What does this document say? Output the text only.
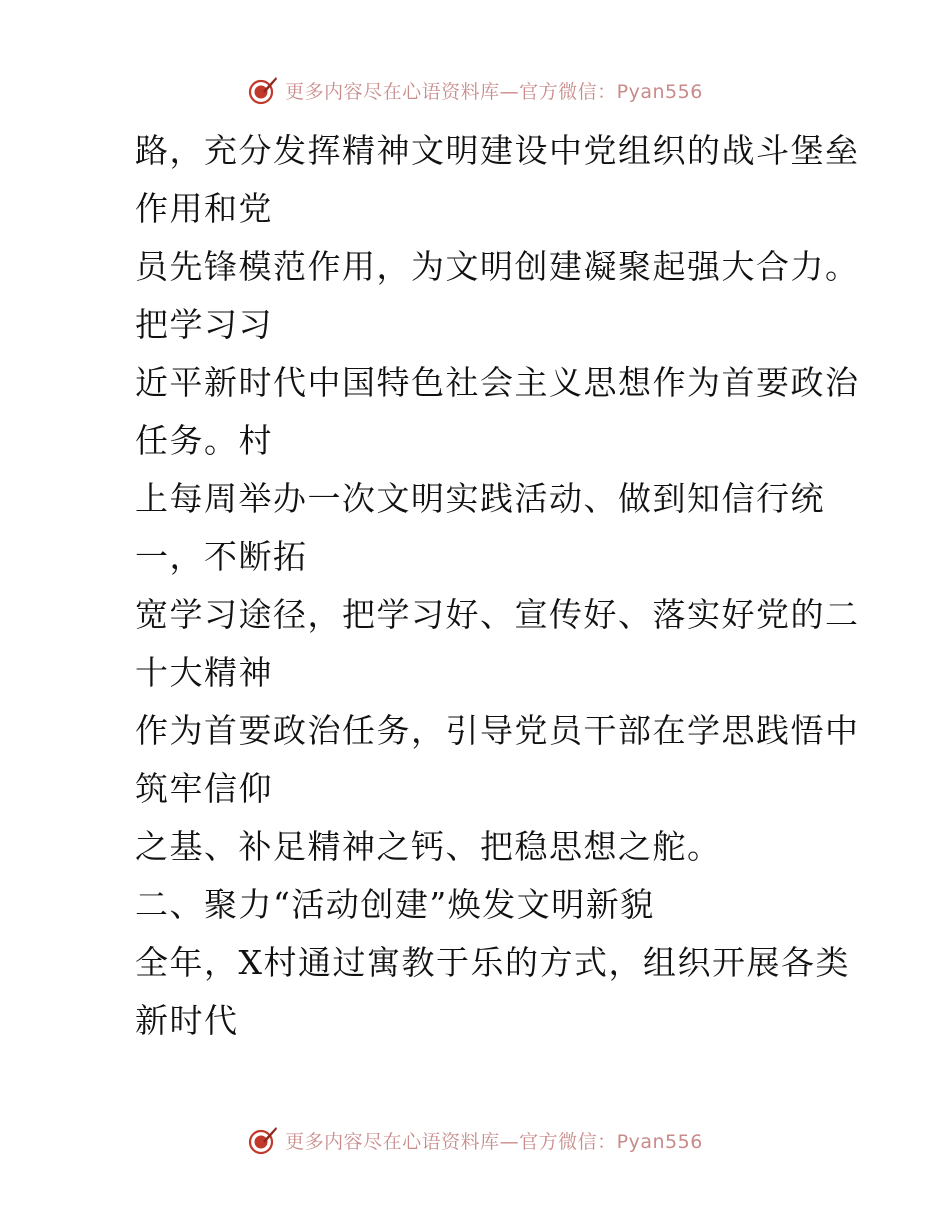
更多内容尽在心语资料库—官方微信：Pyan556

路，充分发挥精神文明建设中党组织的战斗堡垒
作用和党

员先锋模范作用，为文明创建凝聚起强大合力。
把学习习

近平新时代中国特色社会主义思想作为首要政治
任务。村

上每周举办一次文明实践活动、做到知信行统
一，不断拓

宽学习途径，把学习好、宣传好、落实好党的二
十大精神

作为首要政治任务，引导党员干部在学思践悟中
筑牢信仰

之基、补足精神之钙、把稳思想之舵。

二、聚力“活动创建”焕发文明新貌

全年，X村通过寓教于乐的方式，组织开展各类
新时代

更多内容尽在心语资料库—官方微信：Pyan556
